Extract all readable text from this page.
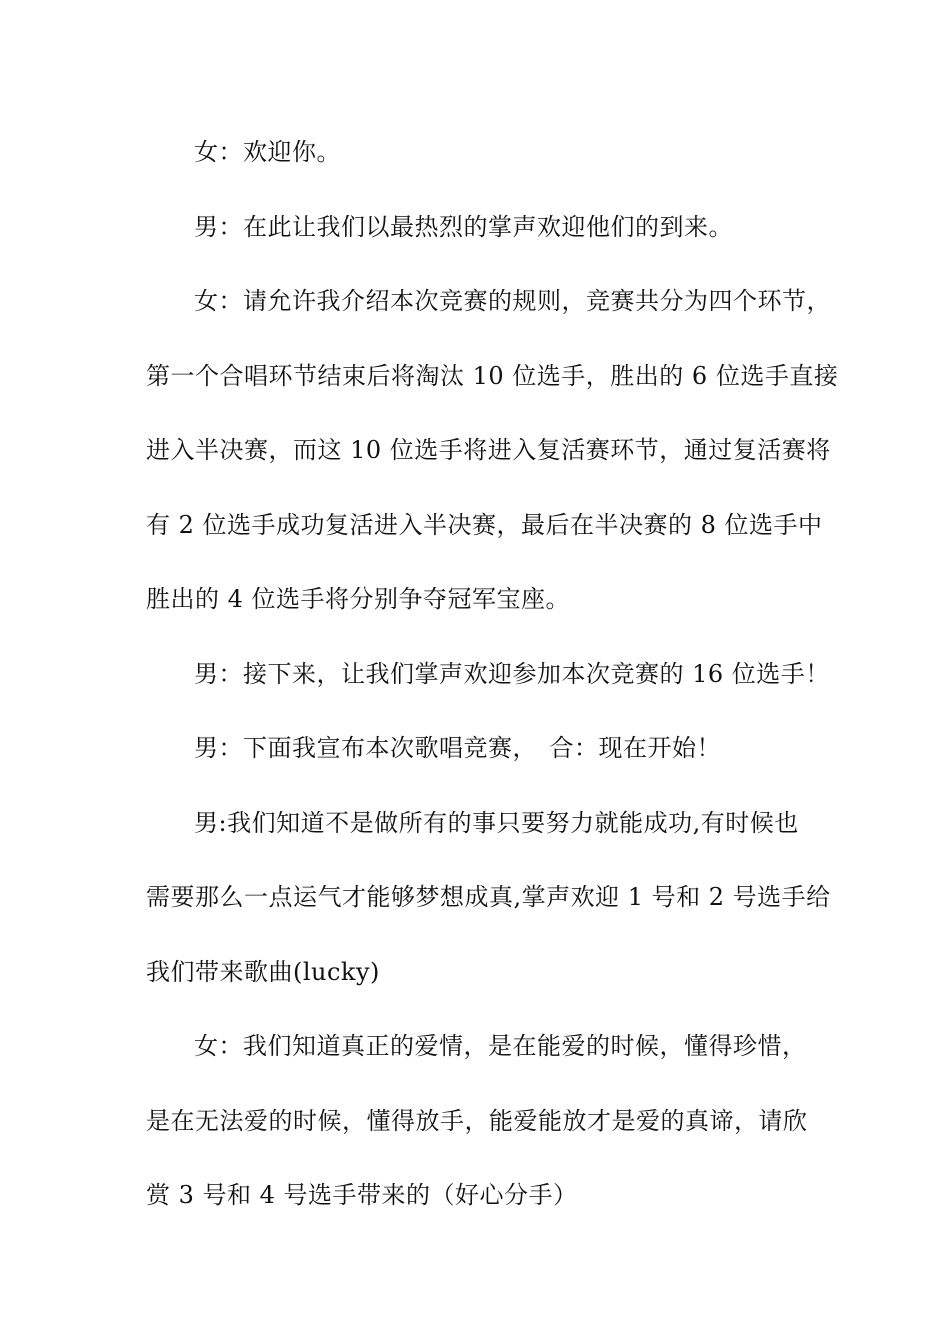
女：欢迎你。
男：在此让我们以最热烈的掌声欢迎他们的到来。
女：请允许我介绍本次竞赛的规则，竞赛共分为四个环节，
第一个合唱环节结束后将淘汰 10 位选手，胜出的 6 位选手直接
进入半决赛，而这 10 位选手将进入复活赛环节，通过复活赛将
有 2 位选手成功复活进入半决赛，最后在半决赛的 8 位选手中
胜出的 4 位选手将分别争夺冠军宝座。
男：接下来，让我们掌声欢迎参加本次竞赛的 16 位选手！
男：下面我宣布本次歌唱竞赛，　合：现在开始！
男:我们知道不是做所有的事只要努力就能成功,有时候也
需要那么一点运气才能够梦想成真,掌声欢迎 1 号和 2 号选手给
我们带来歌曲(lucky)
女：我们知道真正的爱情，是在能爱的时候，懂得珍惜，
是在无法爱的时候，懂得放手，能爱能放才是爱的真谛，请欣
赏 3 号和 4 号选手带来的（好心分手）
